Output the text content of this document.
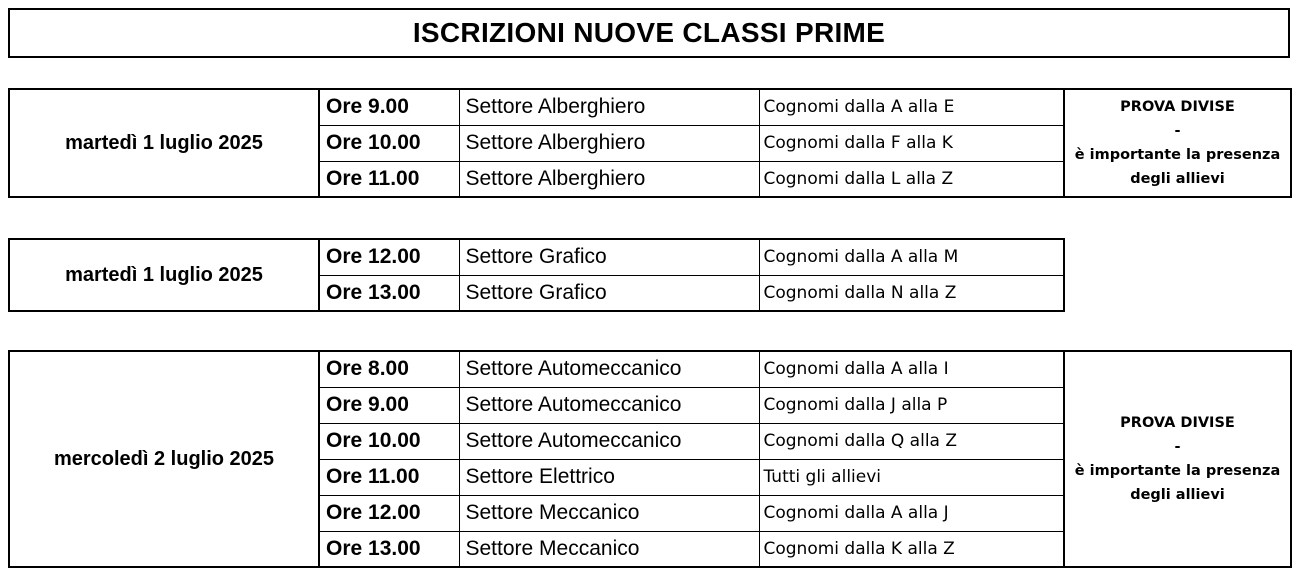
ISCRIZIONI NUOVE CLASSI PRIME
martedì 1 luglio 2025	Ore 9.00	Settore Alberghiero	Cognomi dalla A alla E	PROVA DIVISE
-
è importante la presenza
degli allievi

	Ore 10.00	Settore Alberghiero	Cognomi dalla F alla K	
	Ore 11.00	Settore Alberghiero	Cognomi dalla L alla Z	
martedì 1 luglio 2025	Ore 12.00	Settore Grafico	Cognomi dalla A alla M
	Ore 13.00	Settore Grafico	Cognomi dalla N alla Z
mercoledì 2 luglio 2025	Ore 8.00	Settore Automeccanico	Cognomi dalla A alla I	PROVA DIVISE
-
è importante la presenza
degli allievi

	Ore 9.00	Settore Automeccanico	Cognomi dalla J alla P	
	Ore 10.00	Settore Automeccanico	Cognomi dalla Q alla Z	
	Ore 11.00	Settore Elettrico	Tutti gli allievi	
	Ore 12.00	Settore Meccanico	Cognomi dalla A alla J	
	Ore 13.00	Settore Meccanico	Cognomi dalla K alla Z	
